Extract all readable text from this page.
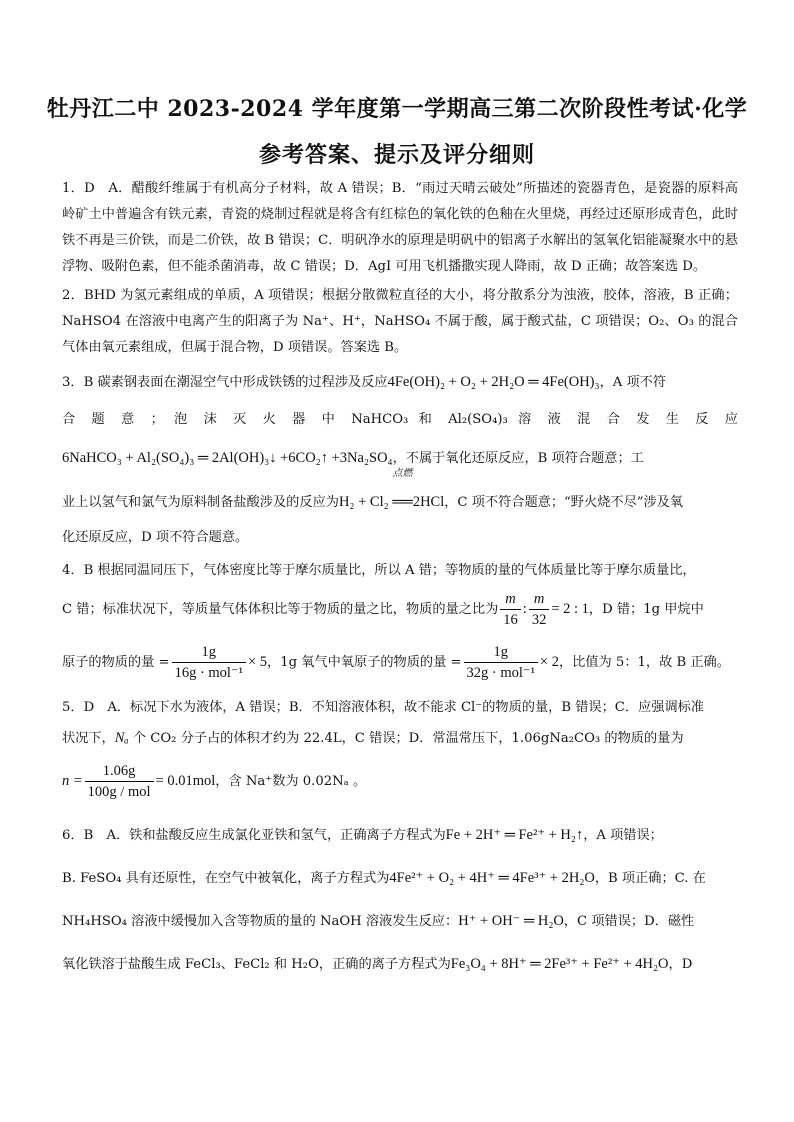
牡丹江二中 2023-2024 学年度第一学期高三第二次阶段性考试·化学
参考答案、提示及评分细则

1．D　A．醋酸纤维属于有机高分子材料，故 A 错误；B．“雨过天晴云破处”所描述的瓷器青色，是瓷器的原料高岭矿土中普遍含有铁元素，青瓷的烧制过程就是将含有红棕色的氧化铁的色釉在火里烧，再经过还原形成青色，此时铁不再是三价铁，而是二价铁，故 B 错误；C．明矾净水的原理是明矾中的铝离子水解出的氢氧化铝能凝聚水中的悬浮物、吸附色素，但不能杀菌消毒，故 C 错误；D．AgI 可用飞机播撒实现人降雨，故 D 正确；故答案选 D。

2．BHD 为氢元素组成的单质，A 项错误；根据分散微粒直径的大小，将分散系分为浊液，胶体，溶液，B 正确；NaHSO4 在溶液中电离产生的阳离子为 Na⁺、H⁺，NaHSO₄ 不属于酸，属于酸式盐，C 项错误；O₂、O₃ 的混合气体由氧元素组成，但属于混合物，D 项错误。答案选 B。

3．B 碳素钢表面在潮湿空气中形成铁锈的过程涉及反应4Fe(OH)₂ + O₂ + 2H₂O ═ 4Fe(OH)₃，A 项不符
合 题 意 ； 泡 沫 灭 火 器 中 NaHCO₃ 和 Al₂(SO₄)₃ 溶 液 混 合 发 生 反 应
6NaHCO₃ + Al₂(SO₄)₃ ═ 2Al(OH)₃↓ +6CO₂↑ +3Na₂SO₄，不属于氧化还原反应，B 项符合题意；工
业上以氢气和氯气为原料制备盐酸涉及的反应为H₂ + Cl₂
点燃
══2HCl，C 项不符合题意；“野火烧不尽”涉及氧
化还原反应，D 项不符合题意。
4．B 根据同温同压下，气体密度比等于摩尔质量比，所以 A 错；等物质的量的气体质量比等于摩尔质量比，
C 错；标准状况下，等质量气体体积比等于物质的量之比，物质的量之比为 $\frac{m}{16}$ : $\frac{m}{32} = 2$ : 1，D 错；1g 甲烷中
原子的物质的量 = $\frac{1g}{\text{16g · mol⁻¹}} \times 5$，1g 氧气中氧原子的物质的量 = $\frac{1g}{\text{32g · mol⁻¹}} \times 2$，比值为 5：1，故 B 正确。
5．D　A．标况下水为液体，A 错误；B．不知溶液体积，故不能求 Cl⁻的物质的量，B 错误；C．应强调标准
状况下，Nₐ 个 CO₂ 分子占的体积才约为 22.4L，C 错误；D．常温常压下，1.06gNa₂CO₃ 的物质的量为
$n = \frac{1.06g}{\text{100g / mol}} = 0.01mol$，含 Na⁺数为 0.02Nₐ 。
6．B　A．铁和盐酸反应生成氯化亚铁和氢气，正确离子方程式为Fe + 2H⁺ ═ Fe²⁺ + H₂↑，A 项错误；
B. FeSO₄ 具有还原性，在空气中被氧化，离子方程式为4Fe²⁺ + O₂ + 4H⁺ ═ 4Fe³⁺ + 2H₂O，B 项正确；C. 在
NH₄HSO₄ 溶液中缓慢加入含等物质的量的 NaOH 溶液发生反应：H⁺ + OH⁻ ═ H₂O，C 项错误；D．磁性
氧化铁溶于盐酸生成 FeCl₃、FeCl₂ 和 H₂O，正确的离子方程式为Fe₃O₄ + 8H⁺ ═ 2Fe³⁺ + Fe²⁺ + 4H₂O，D
